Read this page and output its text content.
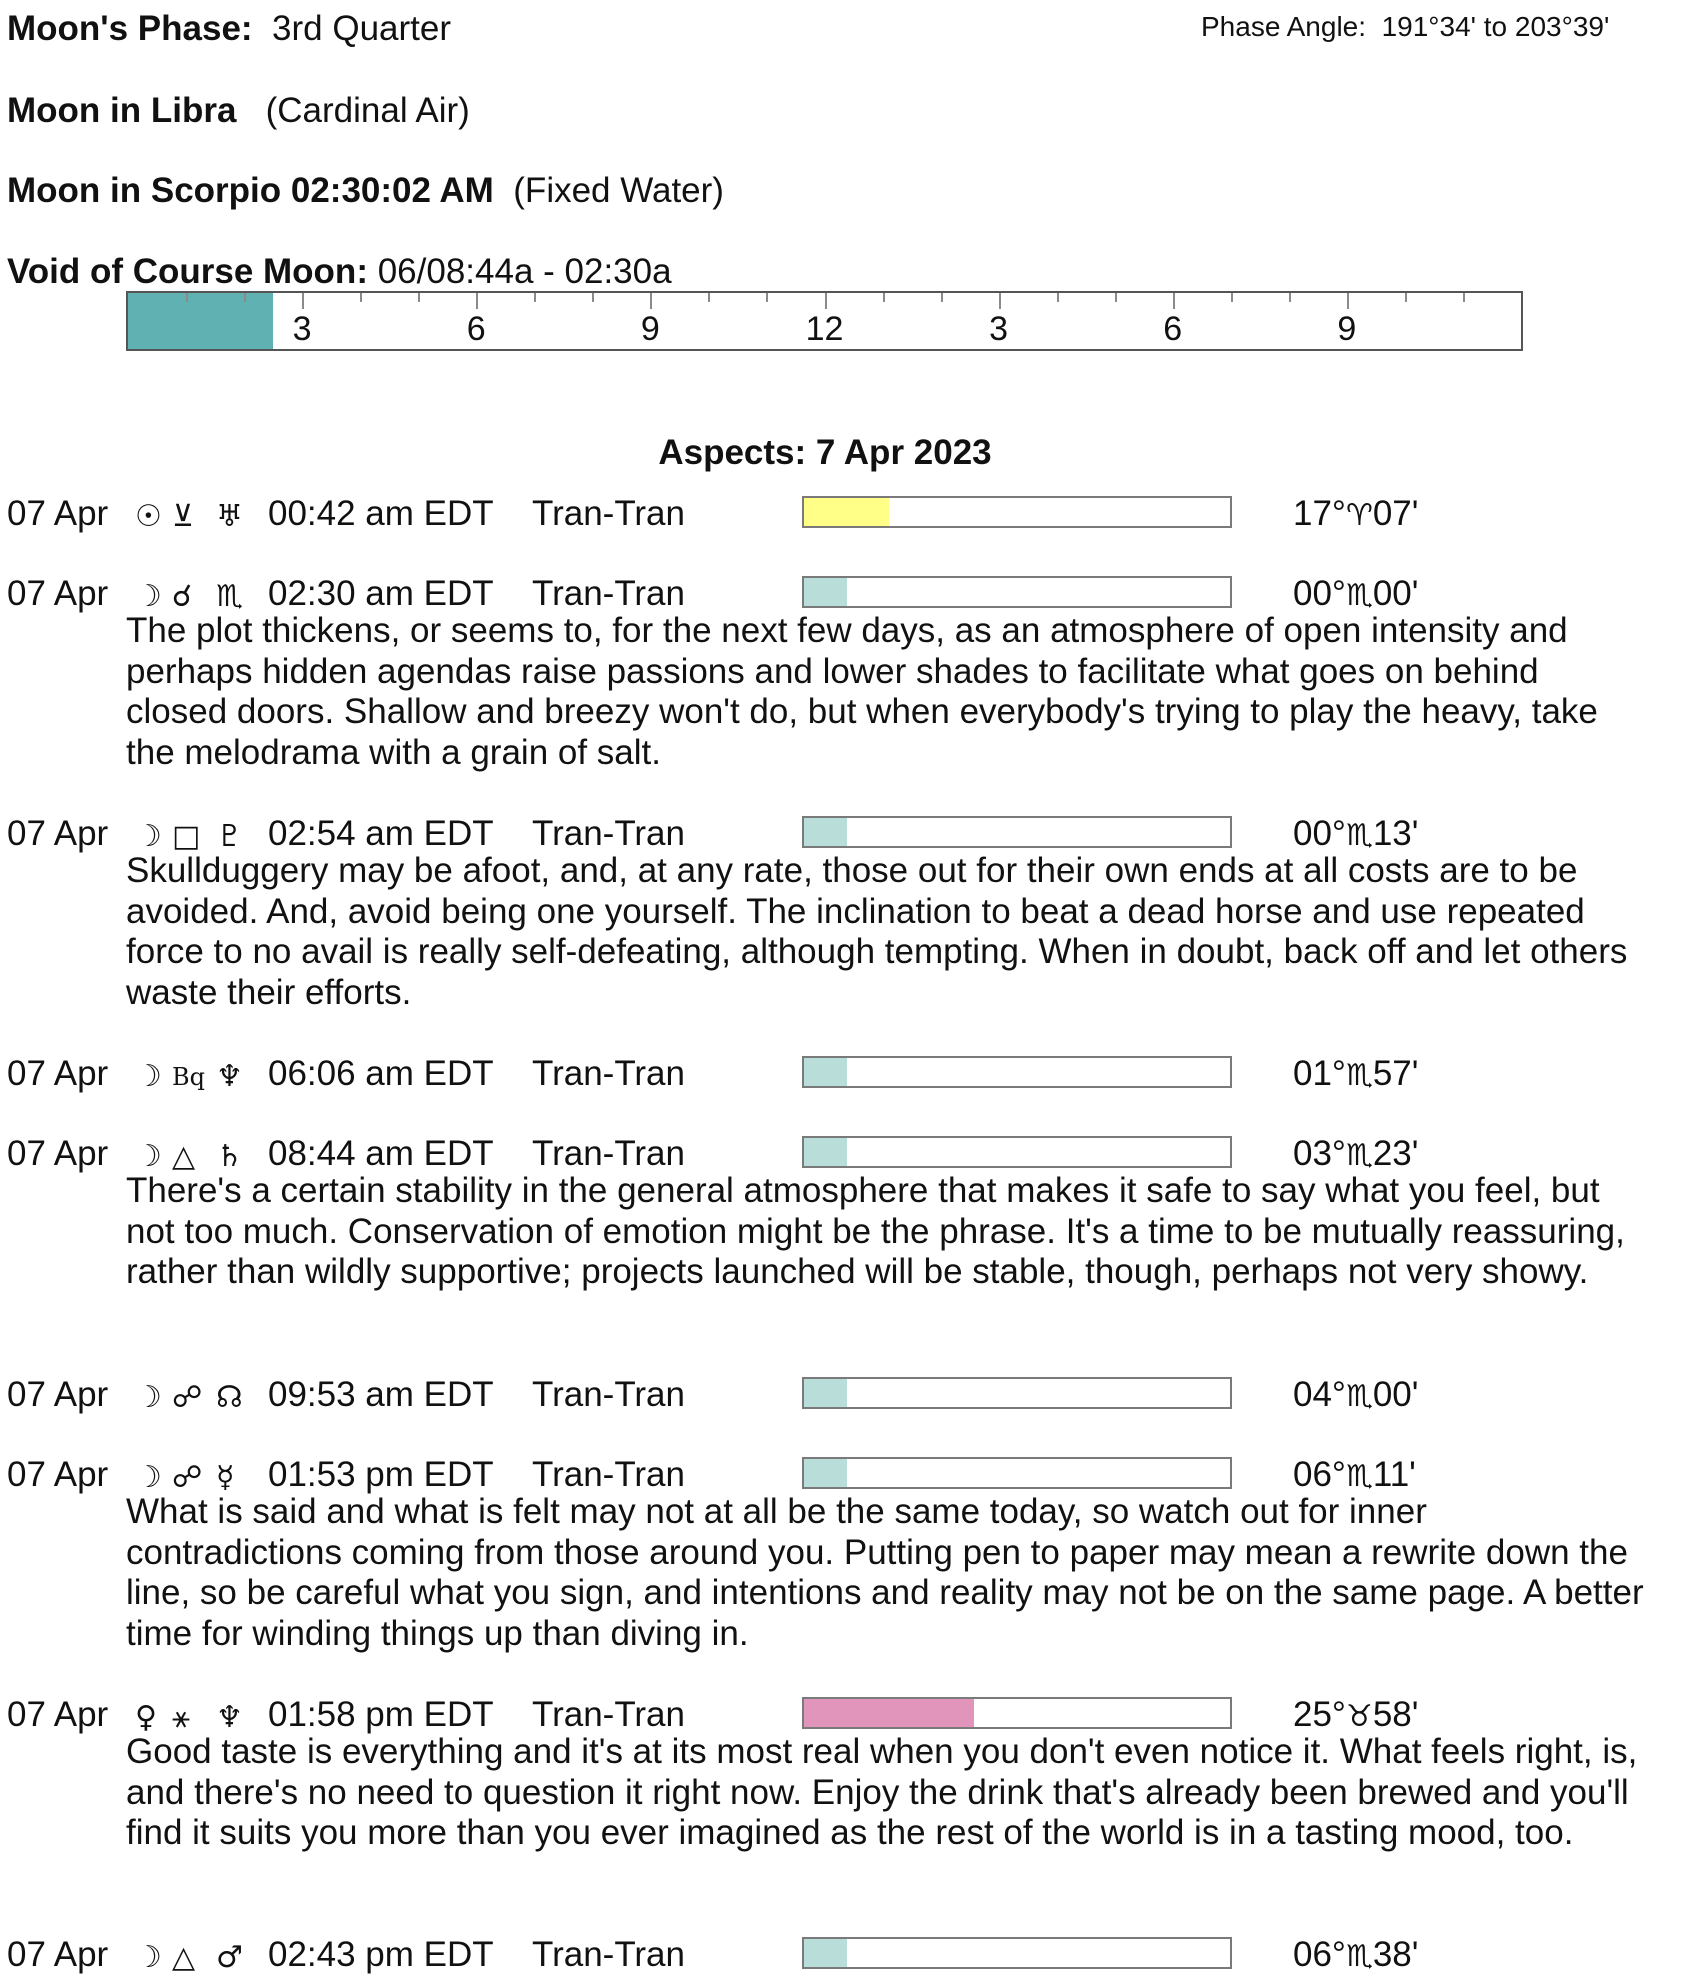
Moon's Phase: 3rd Quarter	Phase Angle: 191°34' to 203°39'
Moon in Libra (Cardinal Air)
Moon in Scorpio 02:30:02 AM (Fixed Water)
Void of Course Moon: 06/08:44a - 02:30a
3	6	9	12	3	6	9
Aspects: 7 Apr 2023
07 Apr ☉ ⊻ ♅ 00:42 am EDT Tran-Tran	17°♈07'
07 Apr ☽ ☌ ♏ 02:30 am EDT Tran-Tran	00°♏00'
The plot thickens, or seems to, for the next few days, as an atmosphere of open intensity and perhaps hidden agendas raise passions and lower shades to facilitate what goes on behind closed doors. Shallow and breezy won't do, but when everybody's trying to play the heavy, take the melodrama with a grain of salt.
07 Apr ☽ □ ♇ 02:54 am EDT Tran-Tran	00°♏13'
Skullduggery may be afoot, and, at any rate, those out for their own ends at all costs are to be avoided. And, avoid being one yourself. The inclination to beat a dead horse and use repeated force to no avail is really self-defeating, although tempting. When in doubt, back off and let others waste their efforts.
07 Apr ☽ Bq ♆ 06:06 am EDT Tran-Tran	01°♏57'
07 Apr ☽ △ ♄ 08:44 am EDT Tran-Tran	03°♏23'
There's a certain stability in the general atmosphere that makes it safe to say what you feel, but not too much. Conservation of emotion might be the phrase. It's a time to be mutually reassuring, rather than wildly supportive; projects launched will be stable, though, perhaps not very showy.
07 Apr ☽ ☍ ☊ 09:53 am EDT Tran-Tran	04°♏00'
07 Apr ☽ ☍ ☿ 01:53 pm EDT Tran-Tran	06°♏11'
What is said and what is felt may not at all be the same today, so watch out for inner contradictions coming from those around you. Putting pen to paper may mean a rewrite down the line, so be careful what you sign, and intentions and reality may not be on the same page. A better time for winding things up than diving in.
07 Apr ♀ ⚹ ♆ 01:58 pm EDT Tran-Tran	25°♉58'
Good taste is everything and it's at its most real when you don't even notice it. What feels right, is, and there's no need to question it right now. Enjoy the drink that's already been brewed and you'll find it suits you more than you ever imagined as the rest of the world is in a tasting mood, too.
07 Apr ☽ △ ♂ 02:43 pm EDT Tran-Tran	06°♏38'
